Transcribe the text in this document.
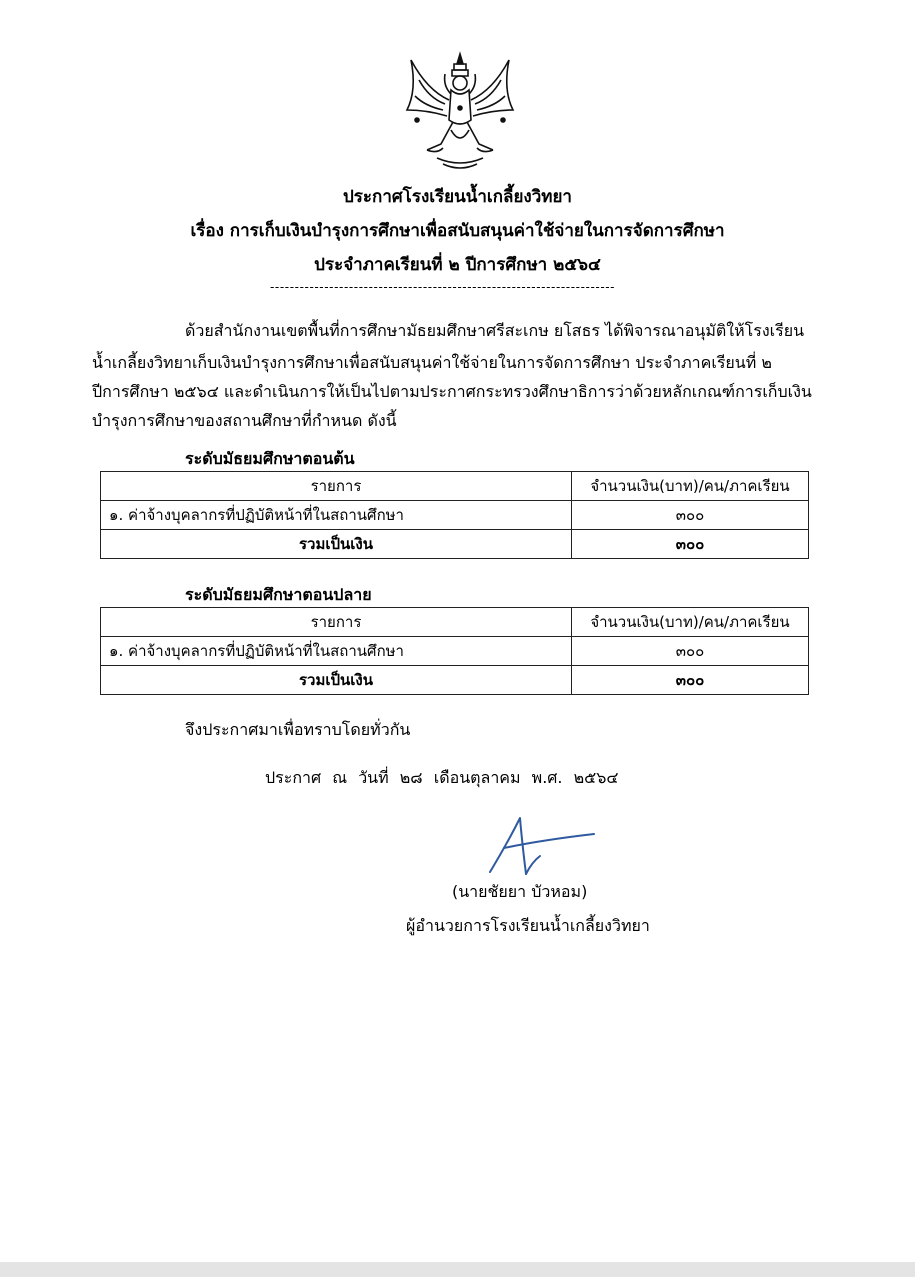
ประกาศโรงเรียนน้ำเกลี้ยงวิทยา
เรื่อง การเก็บเงินบำรุงการศึกษาเพื่อสนับสนุนค่าใช้จ่ายในการจัดการศึกษา
ประจำภาคเรียนที่ ๒ ปีการศึกษา ๒๕๖๔
----------------------------------------------------------------------
ด้วยสำนักงานเขตพื้นที่การศึกษามัธยมศึกษาศรีสะเกษ ยโสธร ได้พิจารณาอนุมัติให้โรงเรียน
น้ำเกลี้ยงวิทยาเก็บเงินบำรุงการศึกษาเพื่อสนับสนุนค่าใช้จ่ายในการจัดการศึกษา ประจำภาคเรียนที่ ๒
ปีการศึกษา ๒๕๖๔ และดำเนินการให้เป็นไปตามประกาศกระทรวงศึกษาธิการว่าด้วยหลักเกณฑ์การเก็บเงิน
บำรุงการศึกษาของสถานศึกษาที่กำหนด ดังนี้
ระดับมัธยมศึกษาตอนต้น
รายการ	จำนวนเงิน(บาท)/คน/ภาคเรียน
๑. ค่าจ้างบุคลากรที่ปฏิบัติหน้าที่ในสถานศึกษา	๓๐๐
รวมเป็นเงิน	๓๐๐
ระดับมัธยมศึกษาตอนปลาย
รายการ	จำนวนเงิน(บาท)/คน/ภาคเรียน
๑. ค่าจ้างบุคลากรที่ปฏิบัติหน้าที่ในสถานศึกษา	๓๐๐
รวมเป็นเงิน	๓๐๐
จึงประกาศมาเพื่อทราบโดยทั่วกัน
ประกาศ ณ วันที่ ๒๘ เดือนตุลาคม พ.ศ. ๒๕๖๔
(นายชัยยา บัวหอม)
ผู้อำนวยการโรงเรียนน้ำเกลี้ยงวิทยา
